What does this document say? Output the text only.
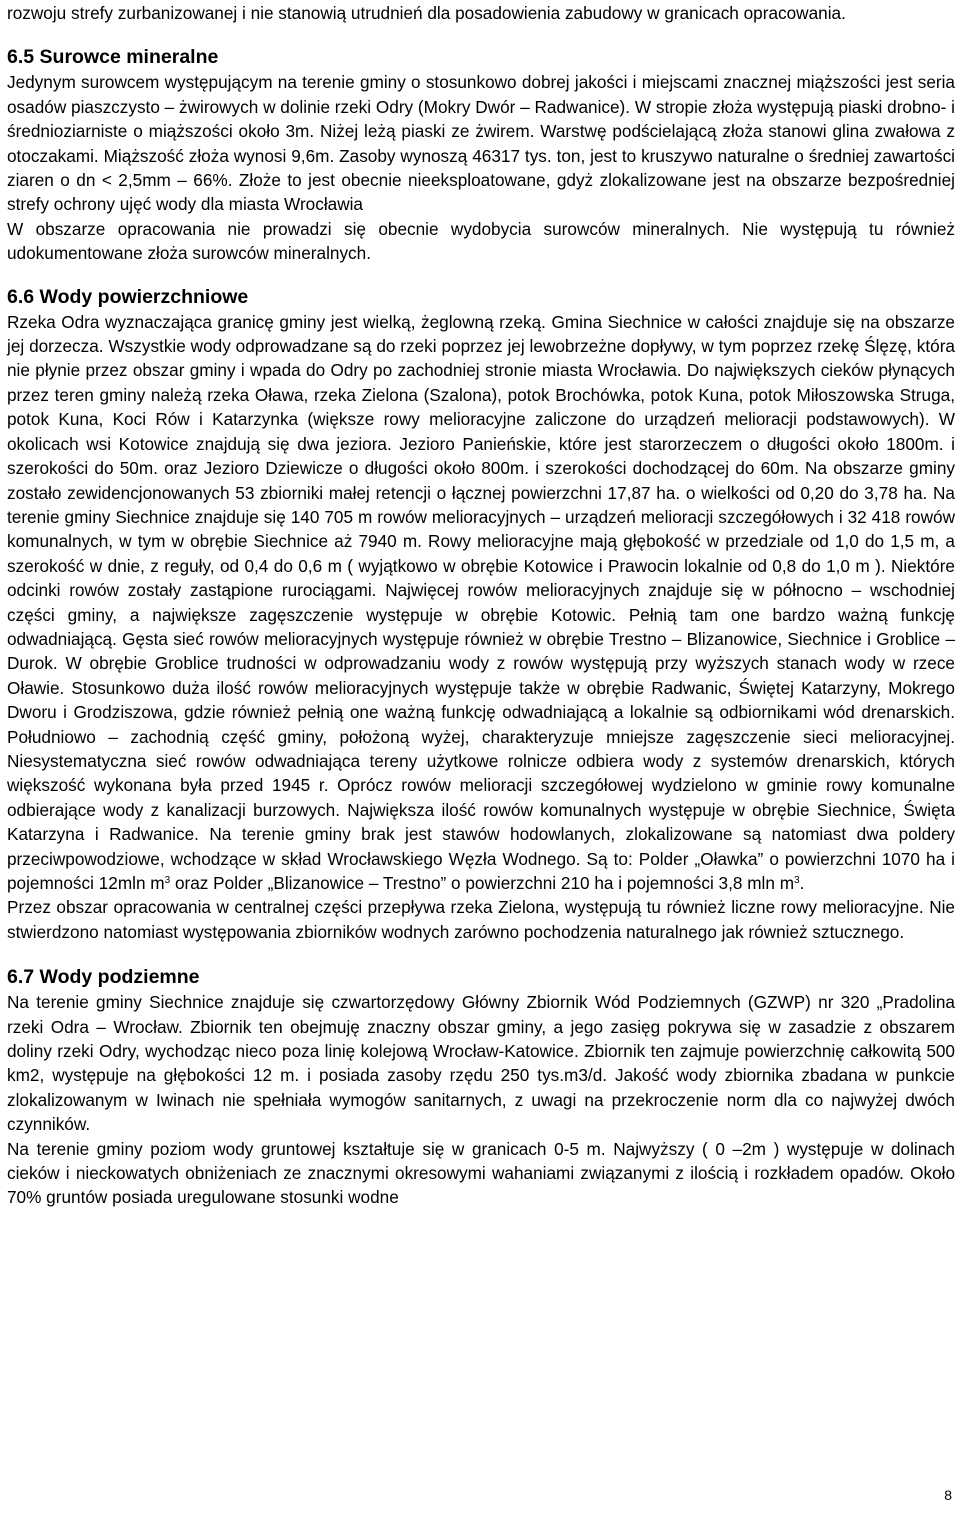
rozwoju strefy zurbanizowanej i nie stanowią utrudnień dla posadowienia zabudowy w granicach opracowania.

6.5 Surowce mineralne

Jedynym surowcem występującym na terenie gminy o stosunkowo dobrej jakości i miejscami znacznej miąższości jest seria osadów piaszczysto – żwirowych w dolinie rzeki Odry (Mokry Dwór – Radwanice). W stropie złoża występują piaski drobno- i średnioziarniste o miąższości około 3m. Niżej leżą piaski ze żwirem. Warstwę podścielającą złoża stanowi glina zwałowa z otoczakami. Miąższość złoża wynosi 9,6m. Zasoby wynoszą 46317 tys. ton, jest to kruszywo naturalne o średniej zawartości ziaren o dn < 2,5mm – 66%. Złoże to jest obecnie nieeksploatowane, gdyż zlokalizowane jest na obszarze bezpośredniej strefy ochrony ujęć wody dla miasta Wrocławia

W obszarze opracowania nie prowadzi się obecnie wydobycia surowców mineralnych. Nie występują tu również udokumentowane złoża surowców mineralnych.

6.6 Wody powierzchniowe

Rzeka Odra wyznaczająca granicę gminy jest wielką, żeglowną rzeką. Gmina Siechnice w całości znajduje się na obszarze jej dorzecza. Wszystkie wody odprowadzane są do rzeki poprzez jej lewobrzeżne dopływy, w tym poprzez rzekę Ślęzę, która nie płynie przez obszar gminy i wpada do Odry po zachodniej stronie miasta Wrocławia. Do największych cieków płynących przez teren gminy należą rzeka Oława, rzeka Zielona (Szalona), potok Brochówka, potok Kuna, potok Miłoszowska Struga, potok Kuna, Koci Rów i Katarzynka (większe rowy melioracyjne zaliczone do urządzeń melioracji podstawowych). W okolicach wsi Kotowice znajdują się dwa jeziora. Jezioro Panieńskie, które jest starorzeczem o długości około 1800m. i szerokości do 50m. oraz Jezioro Dziewicze o długości około 800m. i szerokości dochodzącej do 60m. Na obszarze gminy zostało zewidencjonowanych 53 zbiorniki małej retencji o łącznej powierzchni 17,87 ha. o wielkości od 0,20 do 3,78 ha. Na terenie gminy Siechnice znajduje się 140 705 m rowów melioracyjnych – urządzeń melioracji szczegółowych i 32 418 rowów komunalnych, w tym w obrębie Siechnice aż 7940 m. Rowy melioracyjne mają głębokość w przedziale od 1,0 do 1,5 m, a szerokość w dnie, z reguły, od 0,4 do 0,6 m ( wyjątkowo w obrębie Kotowice i Prawocin lokalnie od 0,8 do 1,0 m ). Niektóre odcinki rowów zostały zastąpione rurociągami. Najwięcej rowów melioracyjnych znajduje się w północno – wschodniej części gminy, a największe zagęszczenie występuje w obrębie Kotowic. Pełnią tam one bardzo ważną funkcję odwadniającą. Gęsta sieć rowów melioracyjnych występuje również w obrębie Trestno – Blizanowice, Siechnice i Groblice – Durok. W obrębie Groblice trudności w odprowadzaniu wody z rowów występują przy wyższych stanach wody w rzece Oławie. Stosunkowo duża ilość rowów melioracyjnych występuje także w obrębie Radwanic, Świętej Katarzyny, Mokrego Dworu i Grodziszowa, gdzie również pełnią one ważną funkcję odwadniającą a lokalnie są odbiornikami wód drenarskich. Południowo – zachodnią część gminy, położoną wyżej, charakteryzuje mniejsze zagęszczenie sieci melioracyjnej. Niesystematyczna sieć rowów odwadniająca tereny użytkowe rolnicze odbiera wody z systemów drenarskich, których większość wykonana była przed 1945 r. Oprócz rowów melioracji szczegółowej wydzielono w gminie rowy komunalne odbierające wody z kanalizacji burzowych. Największa ilość rowów komunalnych występuje w obrębie Siechnice, Święta Katarzyna i Radwanice. Na terenie gminy brak jest stawów hodowlanych, zlokalizowane są natomiast dwa poldery przeciwpowodziowe, wchodzące w skład Wrocławskiego Węzła Wodnego. Są to: Polder „Oławka” o powierzchni 1070 ha i pojemności 12mln $m^3$ oraz Polder „Blizanowice – Trestno” o powierzchni 210 ha i pojemności 3,8 mln $m^3$.

Przez obszar opracowania w centralnej części przepływa rzeka Zielona, występują tu również liczne rowy melioracyjne. Nie stwierdzono natomiast występowania zbiorników wodnych zarówno pochodzenia naturalnego jak również sztucznego.

6.7 Wody podziemne

Na terenie gminy Siechnice znajduje się czwartorzędowy Główny Zbiornik Wód Podziemnych (GZWP) nr 320 „Pradolina rzeki Odra – Wrocław. Zbiornik ten obejmuję znaczny obszar gminy, a jego zasięg pokrywa się w zasadzie z obszarem doliny rzeki Odry, wychodząc nieco poza linię kolejową Wrocław-Katowice. Zbiornik ten zajmuje powierzchnię całkowitą 500 km2, występuje na głębokości 12 m. i posiada zasoby rzędu 250 tys.m3/d. Jakość wody zbiornika zbadana w punkcie zlokalizowanym w Iwinach nie spełniała wymogów sanitarnych, z uwagi na przekroczenie norm dla co najwyżej dwóch czynników.

Na terenie gminy poziom wody gruntowej kształtuje się w granicach 0-5 m. Najwyższy ( 0 –2m ) występuje w dolinach cieków i nieckowatych obniżeniach ze znacznymi okresowymi wahaniami związanymi z ilością i rozkładem opadów. Około 70% gruntów posiada uregulowane stosunki wodne

8
